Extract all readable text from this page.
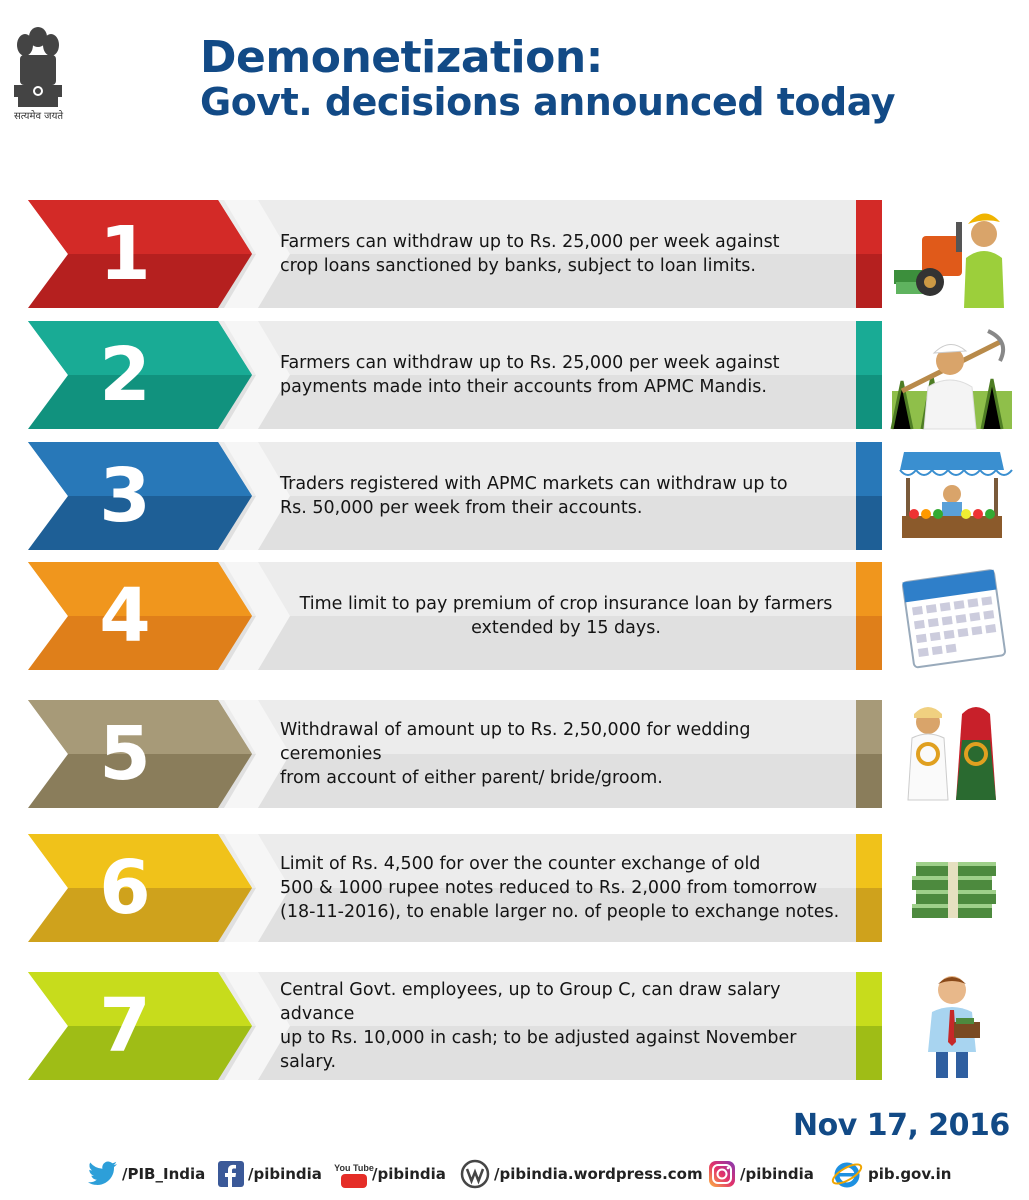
सत्यमेव जयते
Demonetization:
Govt. decisions announced today
1	Farmers can withdraw up to Rs. 25,000 per week against
crop loans sanctioned by banks, subject to loan limits.
2	Farmers can withdraw up to Rs. 25,000 per week against
payments made into their accounts from APMC Mandis.
3	Traders registered with APMC markets can withdraw up to
Rs. 50,000 per week from their accounts.
4	Time limit to pay premium of crop insurance loan by farmers
extended by 15 days.
5	Withdrawal of amount up to Rs. 2,50,000 for wedding ceremonies
from account of either parent/ bride/groom.
6	Limit of Rs. 4,500 for over the counter exchange of old
500 & 1000 rupee notes reduced to Rs. 2,000 from tomorrow
(18-11-2016), to enable larger no. of people to exchange notes.
7	Central Govt. employees, up to Group C, can draw salary advance
up to Rs. 10,000 in cash; to be adjusted against November salary.
Nov 17, 2016
/PIB_India	/pibindia You Tube
/pibindia	/pibindia.wordpress.com /pibindia	pib.gov.in
